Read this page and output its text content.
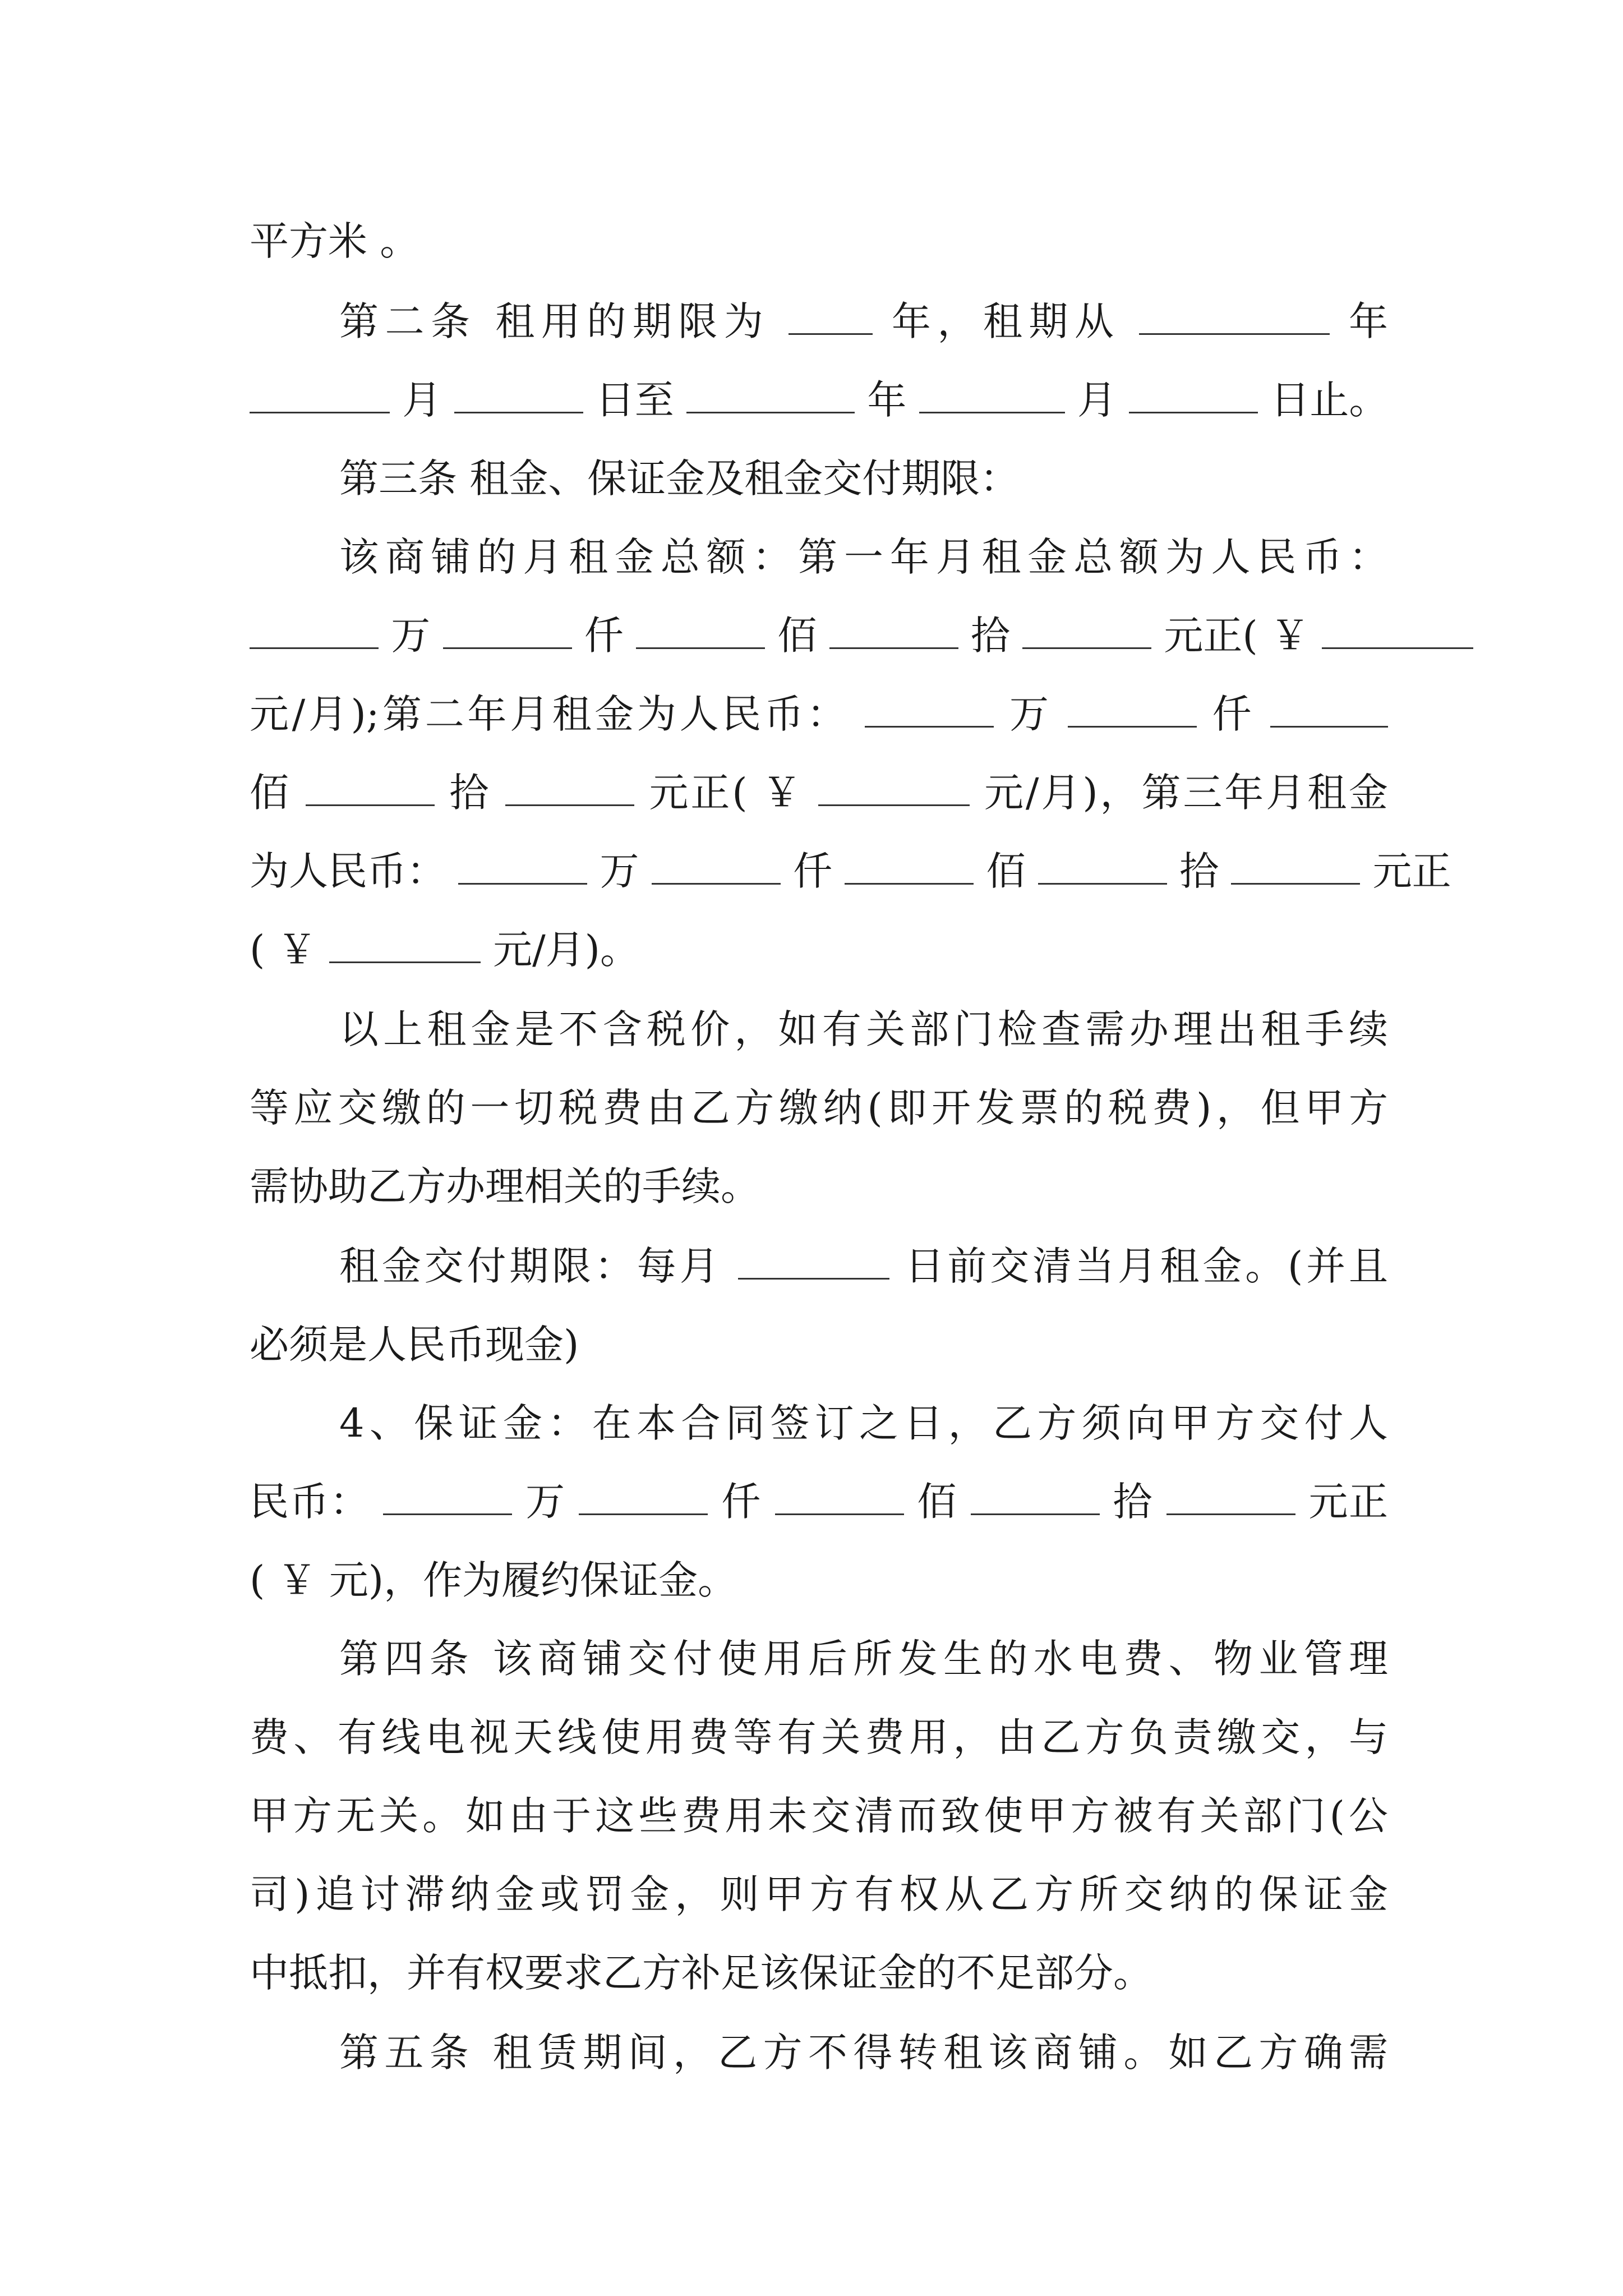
平方米 。
第二条 租用的期限为	年，租期从	年
月	日至	年	月	日止。
第三条 租金、保证金及租金交付期限：
该商铺的月租金总额：第一年月租金总额为人民币：
万	仟	佰	拾	元正( ￥
元/月);第二年月租金为人民币：	万	仟
佰	拾	元正( ￥	元/月)，第三年月租金
为人民币：	万	仟	佰	拾	元正
( ￥	元/月)。
以上租金是不含税价，如有关部门检查需办理出租手续
等应交缴的一切税费由乙方缴纳(即开发票的税费)，但甲方
需协助乙方办理相关的手续。
租金交付期限：每月	日前交清当月租金。(并且
必须是人民币现金)
4、保证金：在本合同签订之日，乙方须向甲方交付人
民币：	万	仟	佰	拾	元正
( ￥ 元)，作为履约保证金。
第四条 该商铺交付使用后所发生的水电费、物业管理
费、有线电视天线使用费等有关费用，由乙方负责缴交，与
甲方无关。如由于这些费用未交清而致使甲方被有关部门(公
司)追讨滞纳金或罚金，则甲方有权从乙方所交纳的保证金
中抵扣，并有权要求乙方补足该保证金的不足部分。
第五条 租赁期间，乙方不得转租该商铺。如乙方确需
